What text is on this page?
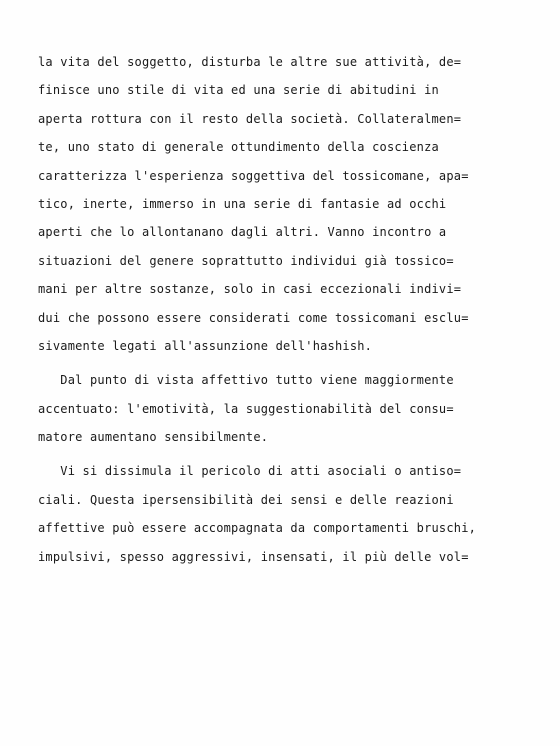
la vita del soggetto, disturba le altre sue attività, de=
finisce uno stile di vita ed una serie di abitudini in
aperta rottura con il resto della società. Collateralmen=
te, uno stato di generale ottundimento della coscienza
caratterizza l'esperienza soggettiva del tossicomane, apa=
tico, inerte, immerso in una serie di fantasie ad occhi
aperti che lo allontanano dagli altri. Vanno incontro a
situazioni del genere soprattutto individui già tossico=
mani per altre sostanze, solo in casi eccezionali indivi=
dui che possono essere considerati come tossicomani esclu=
sivamente legati all'assunzione dell'hashish.
Dal punto di vista affettivo tutto viene maggiormente
accentuato: l'emotività, la suggestionabilità del consu=
matore aumentano sensibilmente.
Vi si dissimula il pericolo di atti asociali o antiso=
ciali. Questa ipersensibilità dei sensi e delle reazioni
affettive può essere accompagnata da comportamenti bruschi,
impulsivi, spesso aggressivi, insensati, il più delle vol=
